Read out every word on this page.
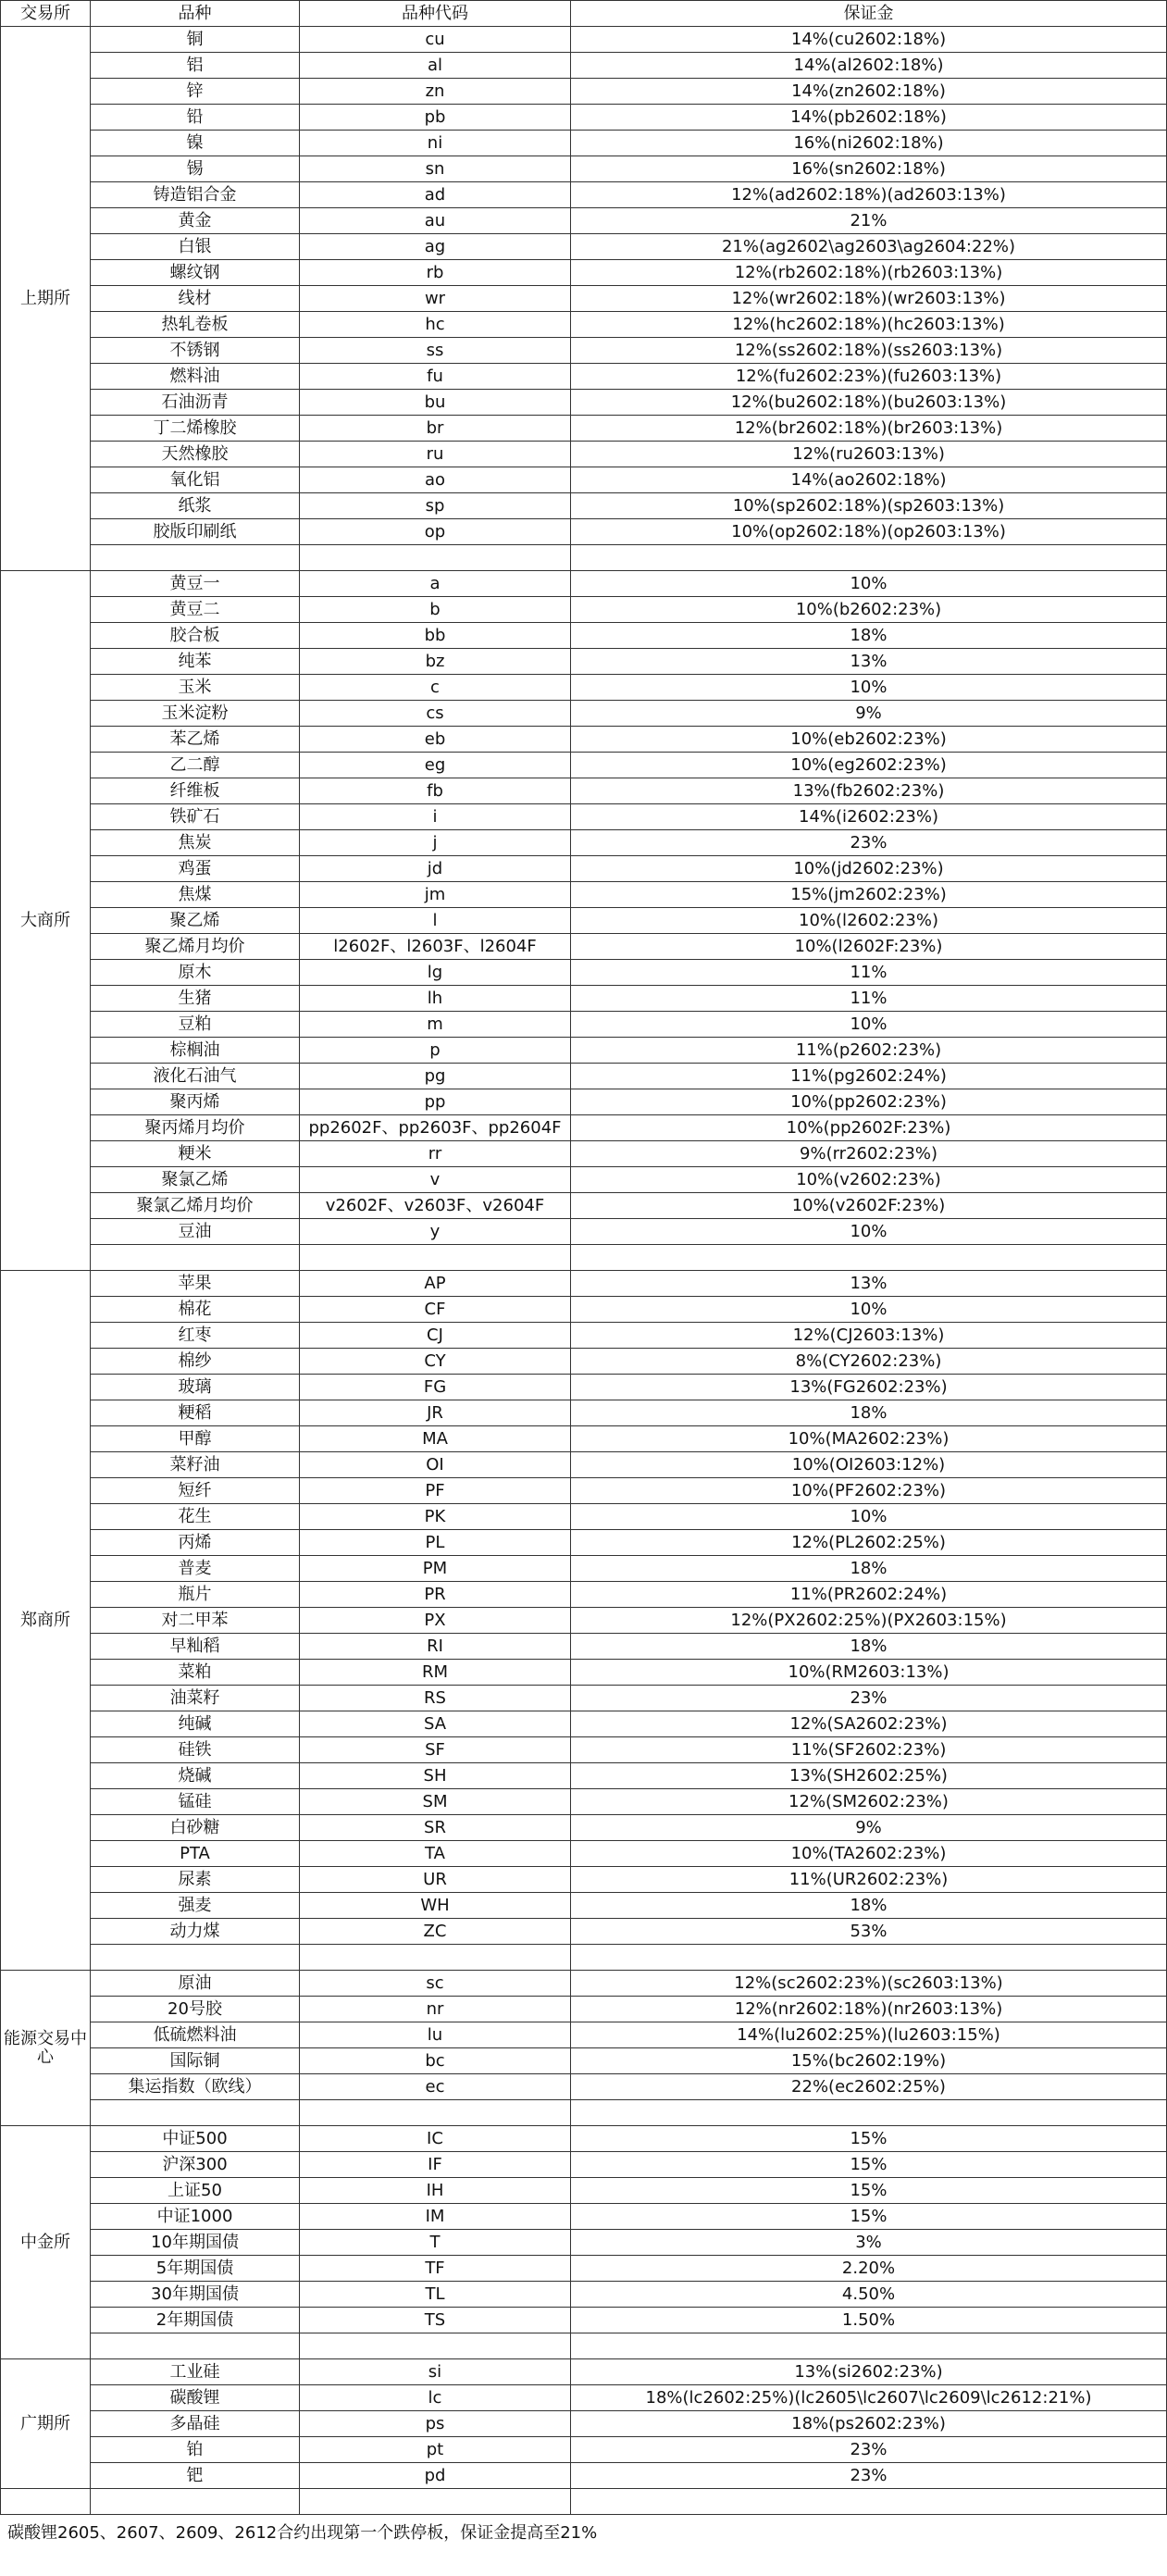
交易所	品种	品种代码	保证金
上期所	铜	cu	14%(cu2602:18%)
	铝	al	14%(al2602:18%)
	锌	zn	14%(zn2602:18%)
	铅	pb	14%(pb2602:18%)
	镍	ni	16%(ni2602:18%)
	锡	sn	16%(sn2602:18%)
	铸造铝合金	ad	12%(ad2602:18%)(ad2603:13%)
	黄金	au	21%
	白银	ag	21%(ag2602\ag2603\ag2604:22%)
	螺纹钢	rb	12%(rb2602:18%)(rb2603:13%)
	线材	wr	12%(wr2602:18%)(wr2603:13%)
	热轧卷板	hc	12%(hc2602:18%)(hc2603:13%)
	不锈钢	ss	12%(ss2602:18%)(ss2603:13%)
	燃料油	fu	12%(fu2602:23%)(fu2603:13%)
	石油沥青	bu	12%(bu2602:18%)(bu2603:13%)
	丁二烯橡胶	br	12%(br2602:18%)(br2603:13%)
	天然橡胶	ru	12%(ru2603:13%)
	氧化铝	ao	14%(ao2602:18%)
	纸浆	sp	10%(sp2602:18%)(sp2603:13%)
	胶版印刷纸	op	10%(op2602:18%)(op2603:13%)

大商所	黄豆一	a	10%
	黄豆二	b	10%(b2602:23%)
	胶合板	bb	18%
	纯苯	bz	13%
	玉米	c	10%
	玉米淀粉	cs	9%
	苯乙烯	eb	10%(eb2602:23%)
	乙二醇	eg	10%(eg2602:23%)
	纤维板	fb	13%(fb2602:23%)
	铁矿石	i	14%(i2602:23%)
	焦炭	j	23%
	鸡蛋	jd	10%(jd2602:23%)
	焦煤	jm	15%(jm2602:23%)
	聚乙烯	l	10%(l2602:23%)
	聚乙烯月均价	l2602F、l2603F、l2604F	10%(l2602F:23%)
	原木	lg	11%
	生猪	lh	11%
	豆粕	m	10%
	棕榈油	p	11%(p2602:23%)
	液化石油气	pg	11%(pg2602:24%)
	聚丙烯	pp	10%(pp2602:23%)
	聚丙烯月均价	pp2602F、pp2603F、pp2604F	10%(pp2602F:23%)
	粳米	rr	9%(rr2602:23%)
	聚氯乙烯	v	10%(v2602:23%)
	聚氯乙烯月均价	v2602F、v2603F、v2604F	10%(v2602F:23%)
	豆油	y	10%

郑商所	苹果	AP	13%
	棉花	CF	10%
	红枣	CJ	12%(CJ2603:13%)
	棉纱	CY	8%(CY2602:23%)
	玻璃	FG	13%(FG2602:23%)
	粳稻	JR	18%
	甲醇	MA	10%(MA2602:23%)
	菜籽油	OI	10%(OI2603:12%)
	短纤	PF	10%(PF2602:23%)
	花生	PK	10%
	丙烯	PL	12%(PL2602:25%)
	普麦	PM	18%
	瓶片	PR	11%(PR2602:24%)
	对二甲苯	PX	12%(PX2602:25%)(PX2603:15%)
	早籼稻	RI	18%
	菜粕	RM	10%(RM2603:13%)
	油菜籽	RS	23%
	纯碱	SA	12%(SA2602:23%)
	硅铁	SF	11%(SF2602:23%)
	烧碱	SH	13%(SH2602:25%)
	锰硅	SM	12%(SM2602:23%)
	白砂糖	SR	9%
	PTA	TA	10%(TA2602:23%)
	尿素	UR	11%(UR2602:23%)
	强麦	WH	18%
	动力煤	ZC	53%

能源交易中心	原油	sc	12%(sc2602:23%)(sc2603:13%)
	20号胶	nr	12%(nr2602:18%)(nr2603:13%)
	低硫燃料油	lu	14%(lu2602:25%)(lu2603:15%)
	国际铜	bc	15%(bc2602:19%)
	集运指数（欧线）	ec	22%(ec2602:25%)

中金所	中证500	IC	15%
	沪深300	IF	15%
	上证50	IH	15%
	中证1000	IM	15%
	10年期国债	T	3%
	5年期国债	TF	2.20%
	30年期国债	TL	4.50%
	2年期国债	TS	1.50%

广期所	工业硅	si	13%(si2602:23%)
	碳酸锂	lc	18%(lc2602:25%)(lc2605\lc2607\lc2609\lc2612:21%)
	多晶硅	ps	18%(ps2602:23%)
	铂	pt	23%
	钯	pd	23%

碳酸锂2605、2607、2609、2612合约出现第一个跌停板，保证金提高至21%
